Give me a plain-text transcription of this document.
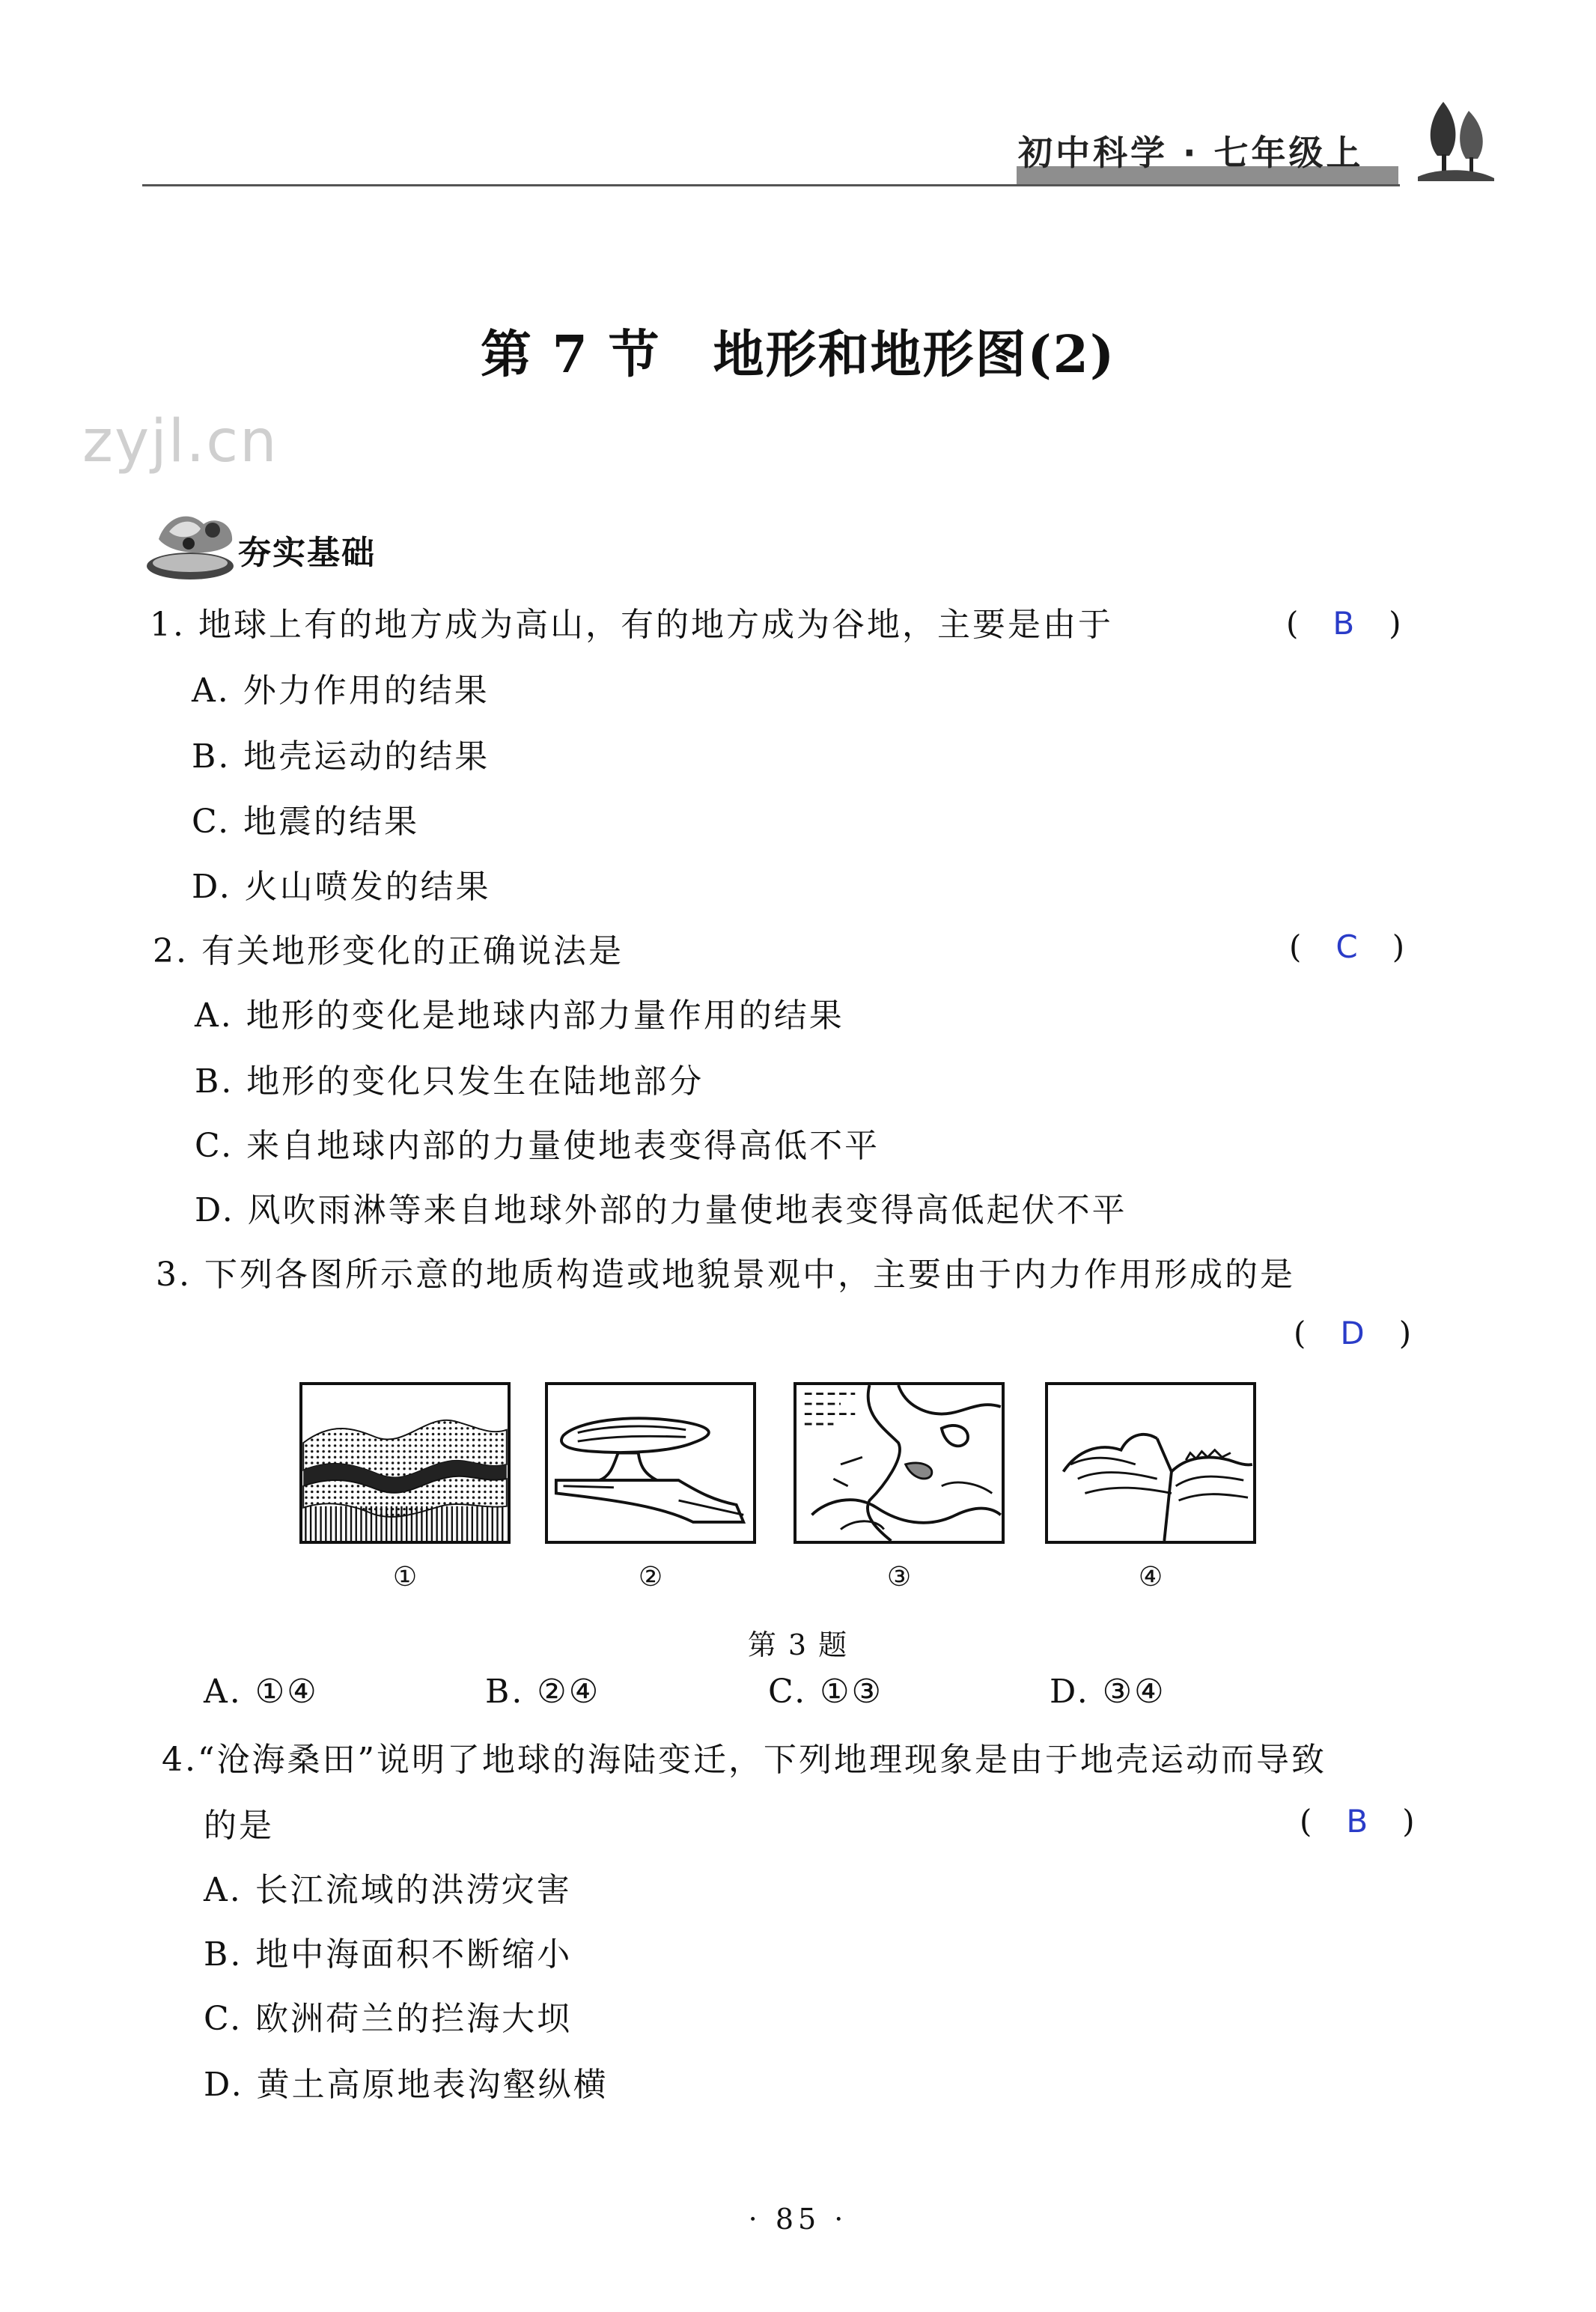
初中科学 · 七年级上
第 7 节　地形和地形图(2)
zyjl.cn
夯实基础
1. 地球上有的地方成为高山，有的地方成为谷地，主要是由于	(　B　)
A. 外力作用的结果
B. 地壳运动的结果
C. 地震的结果
D. 火山喷发的结果
2. 有关地形变化的正确说法是	(　C　)
A. 地形的变化是地球内部力量作用的结果
B. 地形的变化只发生在陆地部分
C. 来自地球内部的力量使地表变得高低不平
D. 风吹雨淋等来自地球外部的力量使地表变得高低起伏不平
3. 下列各图所示意的地质构造或地貌景观中，主要由于内力作用形成的是
(　D　)
①	②	③	④
第 3 题
A. ①④	B. ②④	C. ①③	D. ③④
4.“沧海桑田”说明了地球的海陆变迁，下列地理现象是由于地壳运动而导致
的是	(　B　)
A. 长江流域的洪涝灾害
B. 地中海面积不断缩小
C. 欧洲荷兰的拦海大坝
D. 黄土高原地表沟壑纵横
· 85 ·
